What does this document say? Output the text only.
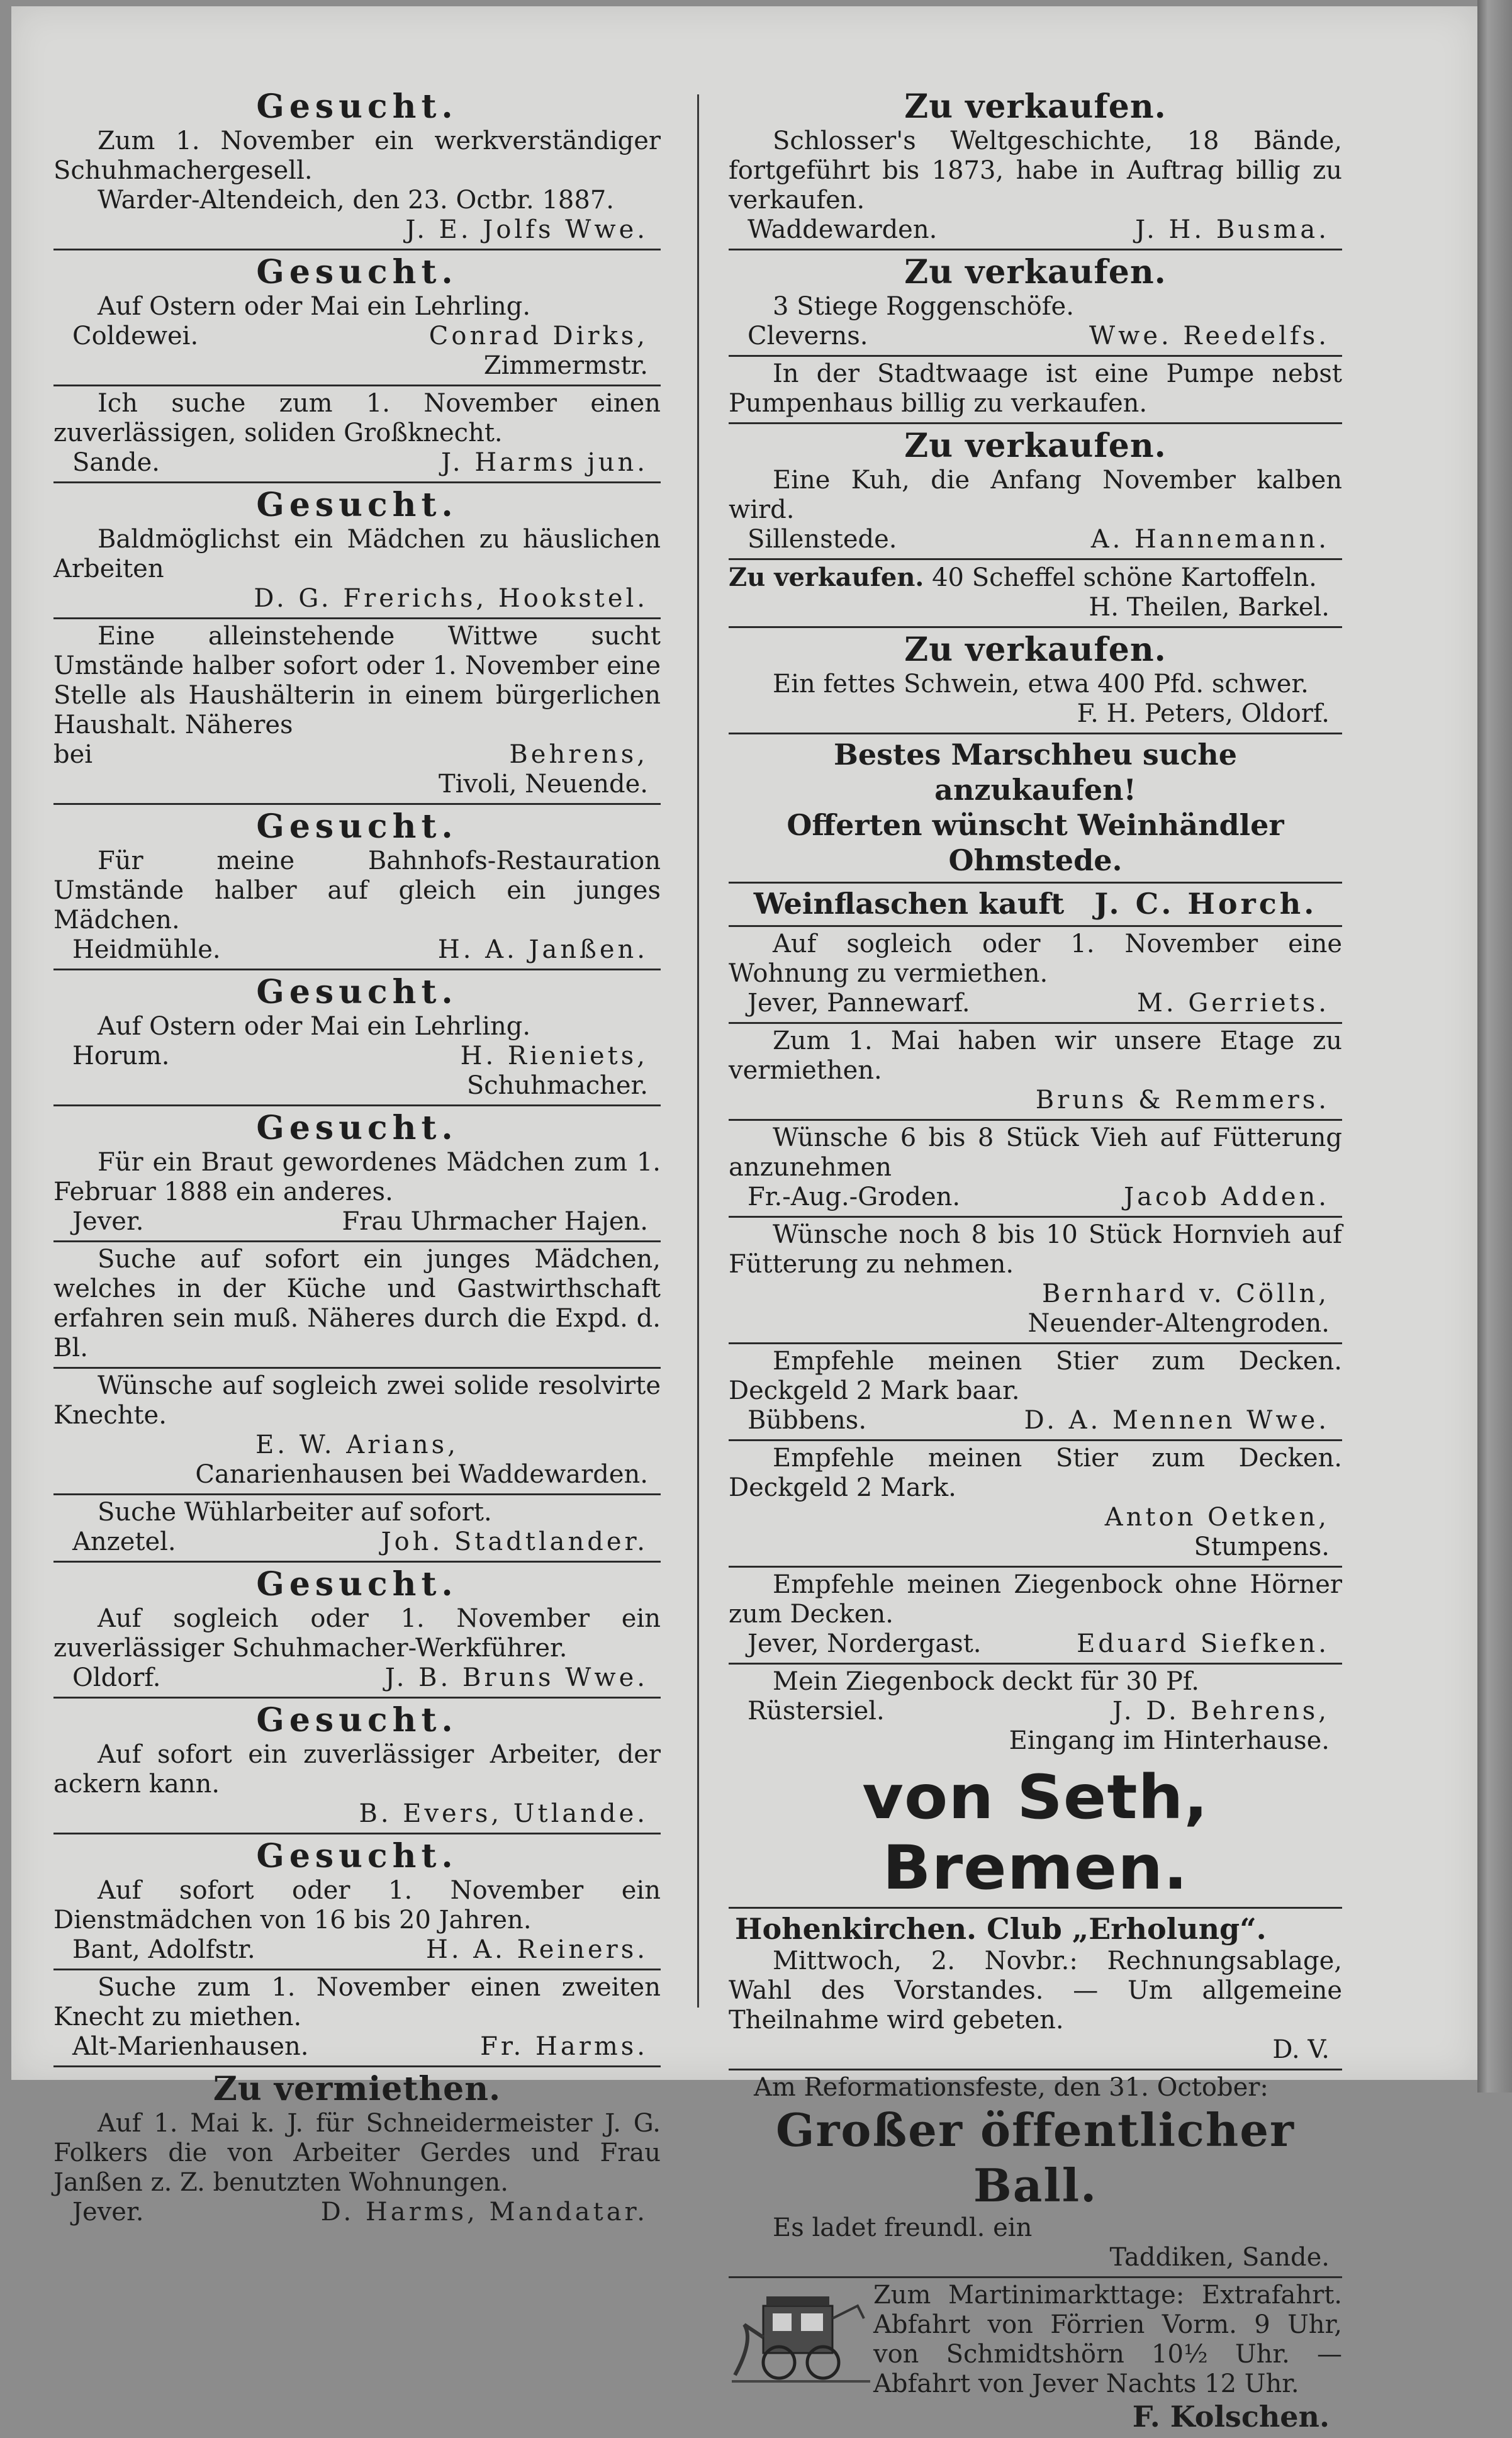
Gesucht.
Zum 1. November ein werkverständiger Schuhmachergesell.
Warder-Altendeich, den 23. Octbr. 1887.
J. E. Jolfs Wwe.
Gesucht.
Auf Ostern oder Mai ein Lehrling.
Coldewei.	Conrad Dirks,
Zimmermstr.
Ich suche zum 1. November einen zuverlässigen, soliden Großknecht.
Sande.	J. Harms jun.
Gesucht.
Baldmöglichst ein Mädchen zu häuslichen Arbeiten
D. G. Frerichs, Hookstel.
Eine alleinstehende Wittwe sucht Umstände halber sofort oder 1. November eine Stelle als Haushälterin in einem bürgerlichen Haushalt. Näheres
bei	Behrens,
Tivoli, Neuende.
Gesucht.
Für meine Bahnhofs-Restauration Umstände halber auf gleich ein junges Mädchen.
Heidmühle.	H. A. Janßen.
Gesucht.
Auf Ostern oder Mai ein Lehrling.
Horum.	H. Rieniets,
Schuhmacher.
Gesucht.
Für ein Braut gewordenes Mädchen zum 1. Februar 1888 ein anderes.
Jever.	Frau Uhrmacher Hajen.
Suche auf sofort ein junges Mädchen, welches in der Küche und Gastwirthschaft erfahren sein muß. Näheres durch die Expd. d. Bl.
Wünsche auf sogleich zwei solide resolvirte Knechte.
E. W. Arians,
Canarienhausen bei Waddewarden.
Suche Wühlarbeiter auf sofort.
Anzetel.	Joh. Stadtlander.
Gesucht.
Auf sogleich oder 1. November ein zuverlässiger Schuhmacher-Werkführer.
Oldorf.	J. B. Bruns Wwe.
Gesucht.
Auf sofort ein zuverlässiger Arbeiter, der ackern kann.
B. Evers, Utlande.
Gesucht.
Auf sofort oder 1. November ein Dienstmädchen von 16 bis 20 Jahren.
Bant, Adolfstr.	H. A. Reiners.
Suche zum 1. November einen zweiten Knecht zu miethen.
Alt-Marienhausen.	Fr. Harms.
Zu vermiethen.
Auf 1. Mai k. J. für Schneidermeister J. G. Folkers die von Arbeiter Gerdes und Frau Janßen z. Z. benutzten Wohnungen.
Jever.	D. Harms, Mandatar.
Zu verkaufen.
Schlosser's Weltgeschichte, 18 Bände, fortgeführt bis 1873, habe in Auftrag billig zu verkaufen.
Waddewarden.	J. H. Busma.
Zu verkaufen.
3 Stiege Roggenschöfe.
Cleverns.	Wwe. Reedelfs.
In der Stadtwaage ist eine Pumpe nebst Pumpenhaus billig zu verkaufen.
Zu verkaufen.
Eine Kuh, die Anfang November kalben wird.
Sillenstede.	A. Hannemann.
Zu verkaufen. 40 Scheffel schöne Kartoffeln.
H. Theilen, Barkel.
Zu verkaufen.
Ein fettes Schwein, etwa 400 Pfd. schwer.
F. H. Peters, Oldorf.
Bestes Marschheu suche anzukaufen!
Offerten wünscht Weinhändler Ohmstede.
Weinflaschen kauft J. C. Horch.
Auf sogleich oder 1. November eine Wohnung zu vermiethen.
Jever, Pannewarf.	M. Gerriets.
Zum 1. Mai haben wir unsere Etage zu vermiethen.
Bruns & Remmers.
Wünsche 6 bis 8 Stück Vieh auf Fütterung anzunehmen
Fr.-Aug.-Groden.	Jacob Adden.
Wünsche noch 8 bis 10 Stück Hornvieh auf Fütterung zu nehmen.
Bernhard v. Cölln,
Neuender-Altengroden.
Empfehle meinen Stier zum Decken. Deckgeld 2 Mark baar.
Bübbens.	D. A. Mennen Wwe.
Empfehle meinen Stier zum Decken. Deckgeld 2 Mark.
Anton Oetken,
Stumpens.
Empfehle meinen Ziegenbock ohne Hörner zum Decken.
Jever, Nordergast.	Eduard Siefken.
Mein Ziegenbock deckt für 30 Pf.
Rüstersiel.	J. D. Behrens,
Eingang im Hinterhause.
von Seth, Bremen.
Hohenkirchen. Club „Erholung“.
Mittwoch, 2. Novbr.: Rechnungsablage, Wahl des Vorstandes. — Um allgemeine Theilnahme wird gebeten.
D. V.
Am Reformationsfeste, den 31. October:
Großer öffentlicher Ball.
Es ladet freundl. ein
Taddiken, Sande.
Zum Martinimarkttage: Extrafahrt. Abfahrt von Förrien Vorm. 9 Uhr, von Schmidtshörn 10½ Uhr. — Abfahrt von Jever Nachts 12 Uhr.
F. Kolschen.
